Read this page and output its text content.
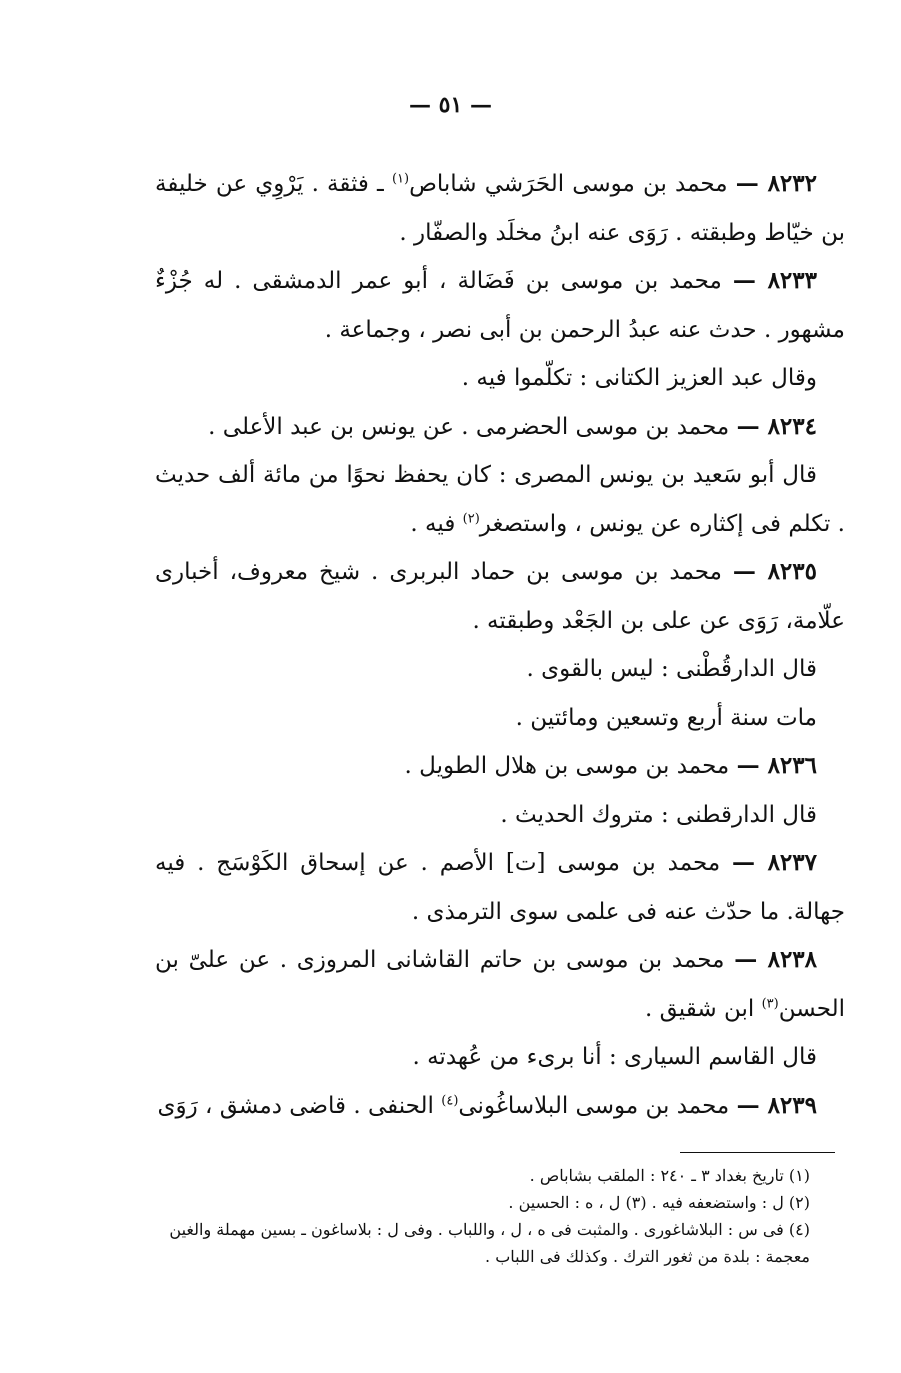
— ٥١ —

٨٢٣٢ — محمد بن موسى الحَرَشي شاباص$^{(١)}$ ـ فثقة . يَرْوِي عن خليفة بن خيّاط وطبقته . رَوَى عنه ابنُ مخلَد والصفّار .

٨٢٣٣ — محمد بن موسى بن فَضَالة ، أبو عمر الدمشقى . له جُزْءٌ مشهور . حدث عنه عبدُ الرحمن بن أبى نصر ، وجماعة .

وقال عبد العزيز الكتانى : تكلّموا فيه .

٨٢٣٤ — محمد بن موسى الحضرمى . عن يونس بن عبد الأعلى .

قال أبو سَعيد بن يونس المصرى : كان يحفظ نحوًا من مائة ألف حديث . تكلم فى إكثاره عن يونس ، واستصغر$^{(٢)}$ فيه .

٨٢٣٥ — محمد بن موسى بن حماد البربرى . شيخ معروف، أخبارى علّامة، رَوَى عن على بن الجَعْد وطبقته .

قال الدارقُطْنى : ليس بالقوى .

مات سنة أربع وتسعين ومائتين .

٨٢٣٦ — محمد بن موسى بن هلال الطويل .

قال الدارقطنى : متروك الحديث .

٨٢٣٧ — محمد بن موسى [ت] الأصم . عن إسحاق الكَوْسَج . فيه جهالة. ما حدّث عنه فى علمى سوى الترمذى .

٨٢٣٨ — محمد بن موسى بن حاتم القاشانى المروزى . عن علىّ بن الحسن$^{(٣)}$ ابن شقيق .

قال القاسم السيارى : أنا برىء من عُهدته .

٨٢٣٩ — محمد بن موسى البلاساغُونى$^{(٤)}$ الحنفى . قاضى دمشق ، رَوَى

(١) تاريخ بغداد ٣ ـ ٢٤٠ : الملقب بشاباص .

(٢) ل : واستضعفه فيه . (٣) ل ، ه : الحسين .

(٤) فى س : البلاشاغورى . والمثبت فى ه ، ل ، واللباب . وفى ل : بلاساغون ـ بسين مهملة والغين معجمة : بلدة من ثغور الترك . وكذلك فى اللباب .
